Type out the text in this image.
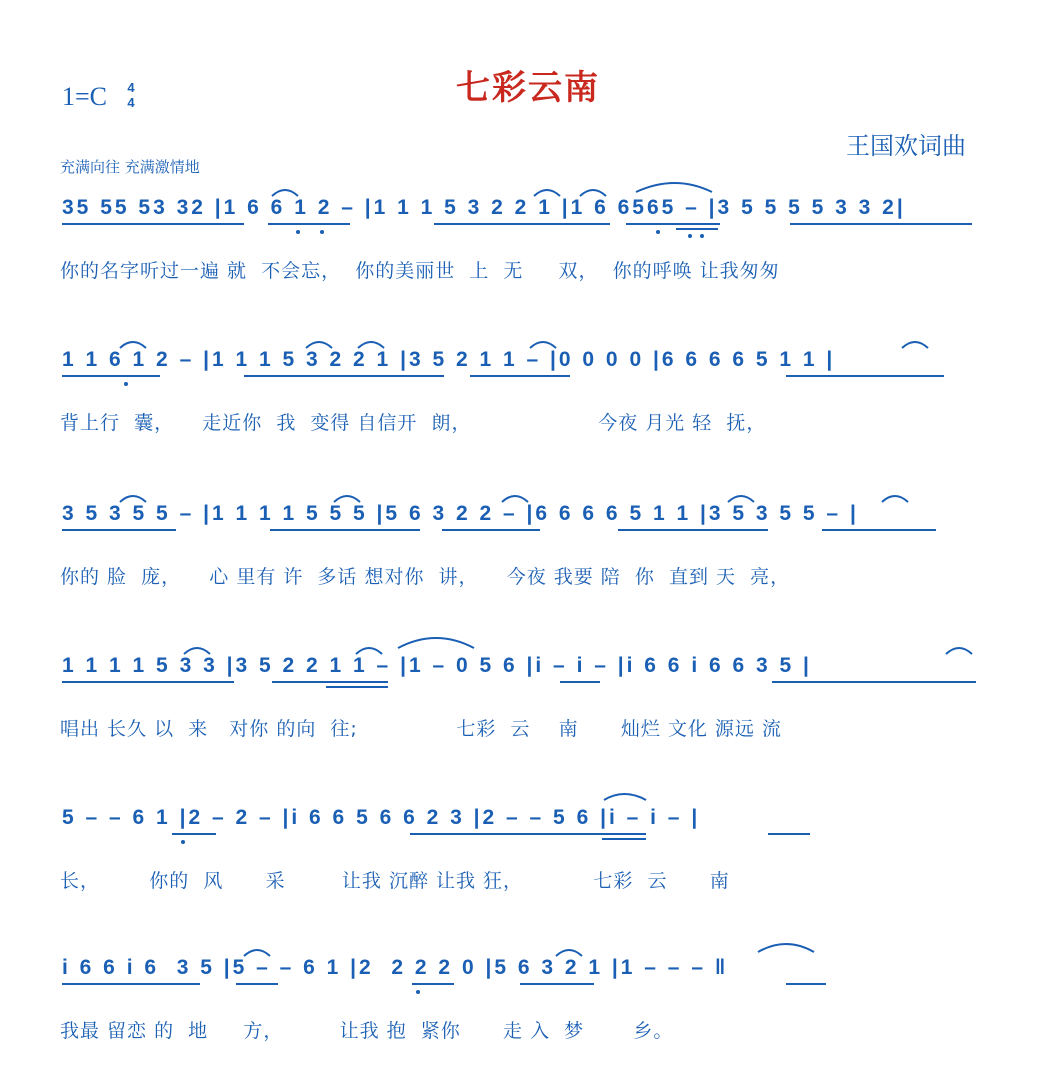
七彩云南
1=C 4
4
王国欢词曲
充满向往 充满激情地
35 55 53 32 |1 6 6 1 2 – |1 1 1 5 3 2 2 1 |1 6 6565 – |3 5 5 5 5 3 3 2|
你的名字听过一遍 就  不会忘，  你的美丽世  上  无     双，  你的呼唤 让我匆匆
1 1 6 1 2 – |1 1 1 5 3 2 2 1 |3 5 2 1 1 – |0 0 0 0 |6 6 6 6 5 1 1 |
背上行  囊，    走近你  我  变得 自信开  朗，                  今夜 月光 轻  抚，
3 5 3 5 5 – |1 1 1 1 5 5 5 |5 6 3 2 2 – |6 6 6 6 5 1 1 |3 5 3 5 5 – |
你的 脸  庞，    心 里有 许  多话 想对你  讲，    今夜 我要 陪  你  直到 天  亮，
1 1 1 1 5 3 3 |3 5 2 2 1 1 – |1 – 0 5 6 |i – i – |i 6 6 i 6 6 3 5 |
唱出 长久 以  来   对你 的向  往;              七彩  云    南      灿烂 文化 源远 流
5 – – 6 1 |2 – 2 – |i 6 6 5 6 6 2 3 |2 – – 5 6 |i – i – |
长，       你的  风      采        让我 沉醉 让我 狂，          七彩  云      南
i 6 6 i 6  3 5 |5 – – 6 1 |2  2 2 2 0 |5 6 3 2 1 |1 – – – ‖
我最 留恋 的  地     方，        让我 抱  紧你      走 入  梦       乡。
